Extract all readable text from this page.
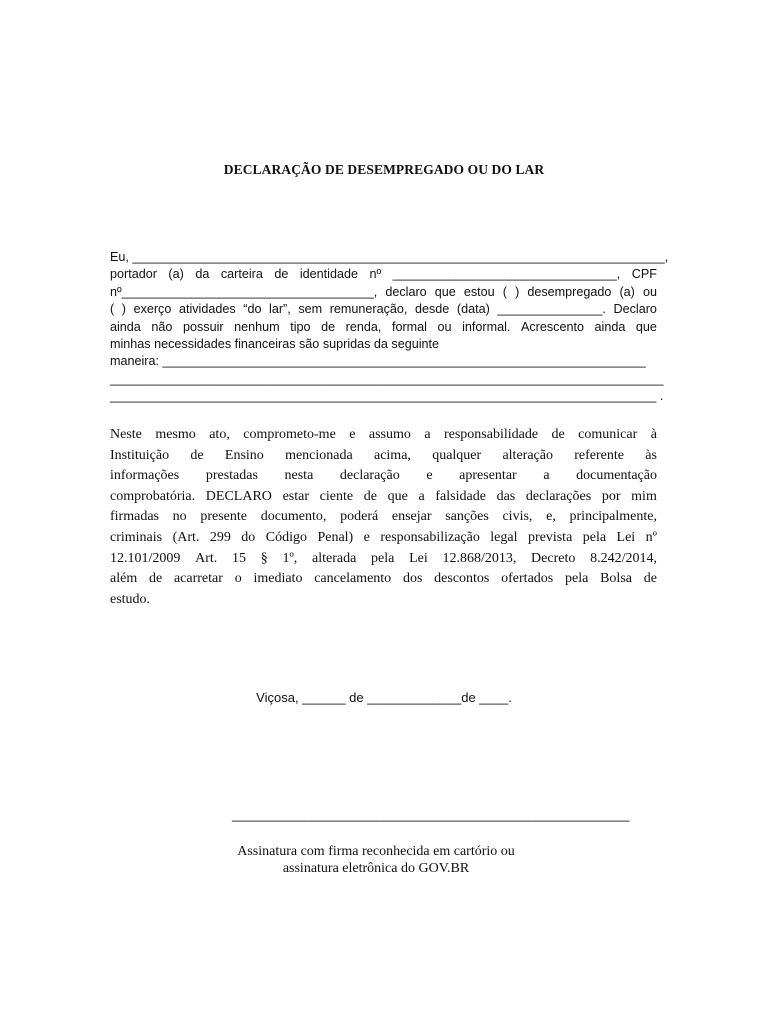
DECLARAÇÃO DE DESEMPREGADO OU DO LAR
Eu, ____________________________________________________________________________,
portador (a) da carteira de identidade nº ________________________________, CPF
nº____________________________________, declaro que estou ( ) desempregado (a) ou
( ) exerço atividades “do lar”, sem remuneração, desde (data) _______________. Declaro
ainda não possuir nenhum tipo de renda, formal ou informal. Acrescento ainda que
minhas necessidades financeiras são supridas da seguinte
maneira: _____________________________________________________________________
_______________________________________________________________________________
______________________________________________________________________________ .
Neste mesmo ato, comprometo-me e assumo a responsabilidade de comunicar à
Instituição de Ensino mencionada acima, qualquer alteração referente às
informações prestadas nesta declaração e apresentar a documentação
comprobatória. DECLARO estar ciente de que a falsidade das declarações por mim
firmadas no presente documento, poderá ensejar sanções civis, e, principalmente,
criminais (Art. 299 do Código Penal) e responsabilização legal prevista pela Lei nº
12.101/2009 Art. 15 § 1º, alterada pela Lei 12.868/2013, Decreto 8.242/2014,
além de acarretar o imediato cancelamento dos descontos ofertados pela Bolsa de
estudo.
Viçosa, ______ de _____________de ____.
_______________________________________________________
Assinatura com firma reconhecida em cartório ou
assinatura eletrônica do GOV.BR
